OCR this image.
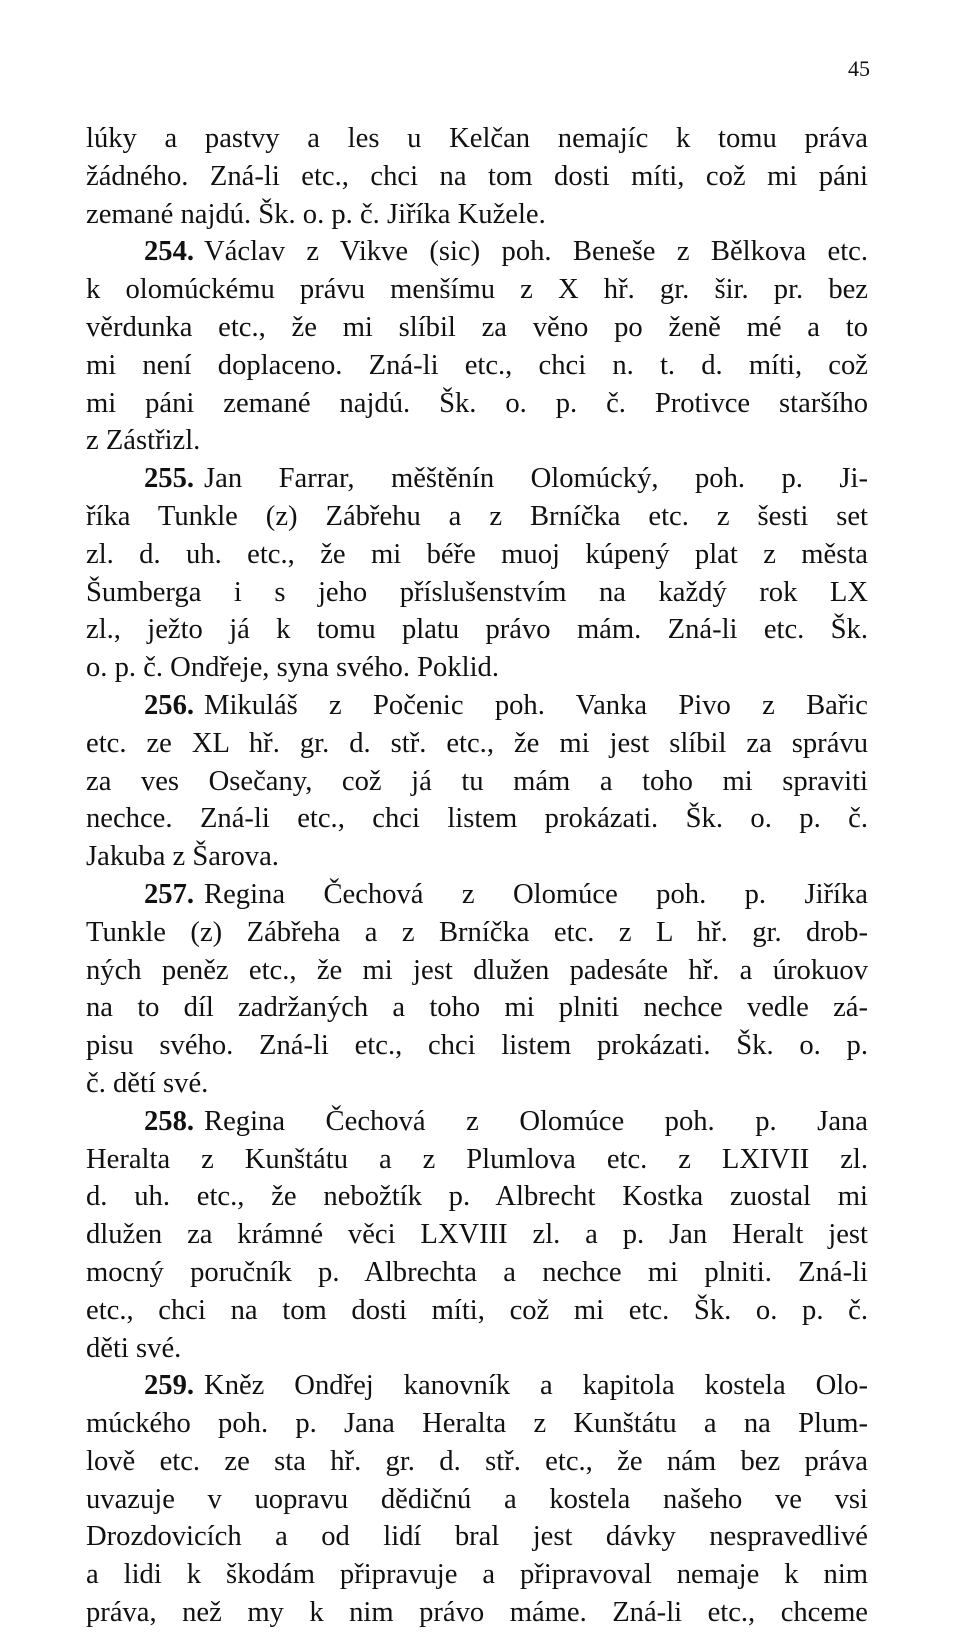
45
lúky a pastvy a les u Kelčan nemajíc k tomu práva
žádného. Zná-li etc., chci na tom dosti míti, což mi páni
zemané najdú. Šk. o. p. č. Jiříka Kužele.
254. Václav z Vikve (sic) poh. Beneše z Bělkova etc.
k olomúckému právu menšímu z X hř. gr. šir. pr. bez
věrdunka etc., že mi slíbil za věno po ženě mé a to
mi není doplaceno. Zná-li etc., chci n. t. d. míti, což
mi páni zemané najdú. Šk. o. p. č. Protivce staršího
z Zástřizl.
255. Jan Farrar, měštěnín Olomúcký, poh. p. Ji-
říka Tunkle (z) Zábřehu a z Brníčka etc. z šesti set
zl. d. uh. etc., že mi béře muoj kúpený plat z města
Šumberga i s jeho příslušenstvím na každý rok LX
zl., ježto já k tomu platu právo mám. Zná-li etc. Šk.
o. p. č. Ondřeje, syna svého. Poklid.
256. Mikuláš z Počenic poh. Vanka Pivo z Bařic
etc. ze XL hř. gr. d. stř. etc., že mi jest slíbil za správu
za ves Osečany, což já tu mám a toho mi spraviti
nechce. Zná-li etc., chci listem prokázati. Šk. o. p. č.
Jakuba z Šarova.
257. Regina Čechová z Olomúce poh. p. Jiříka
Tunkle (z) Zábřeha a z Brníčka etc. z L hř. gr. drob-
ných peněz etc., že mi jest dlužen padesáte hř. a úrokuov
na to díl zadržaných a toho mi plniti nechce vedle zá-
pisu svého. Zná-li etc., chci listem prokázati. Šk. o. p.
č. dětí své.
258. Regina Čechová z Olomúce poh. p. Jana
Heralta z Kunštátu a z Plumlova etc. z LXIVII zl.
d. uh. etc., že nebožtík p. Albrecht Kostka zuostal mi
dlužen za krámné věci LXVIII zl. a p. Jan Heralt jest
mocný poručník p. Albrechta a nechce mi plniti. Zná-li
etc., chci na tom dosti míti, což mi etc. Šk. o. p. č.
děti své.
259. Kněz Ondřej kanovník a kapitola kostela Olo-
múckého poh. p. Jana Heralta z Kunštátu a na Plum-
lově etc. ze sta hř. gr. d. stř. etc., že nám bez práva
uvazuje v uopravu dědičnú a kostela našeho ve vsi
Drozdovicích a od lidí bral jest dávky nespravedlivé
a lidi k škodám připravuje a připravoval nemaje k nim
práva, než my k nim právo máme. Zná-li etc., chceme
